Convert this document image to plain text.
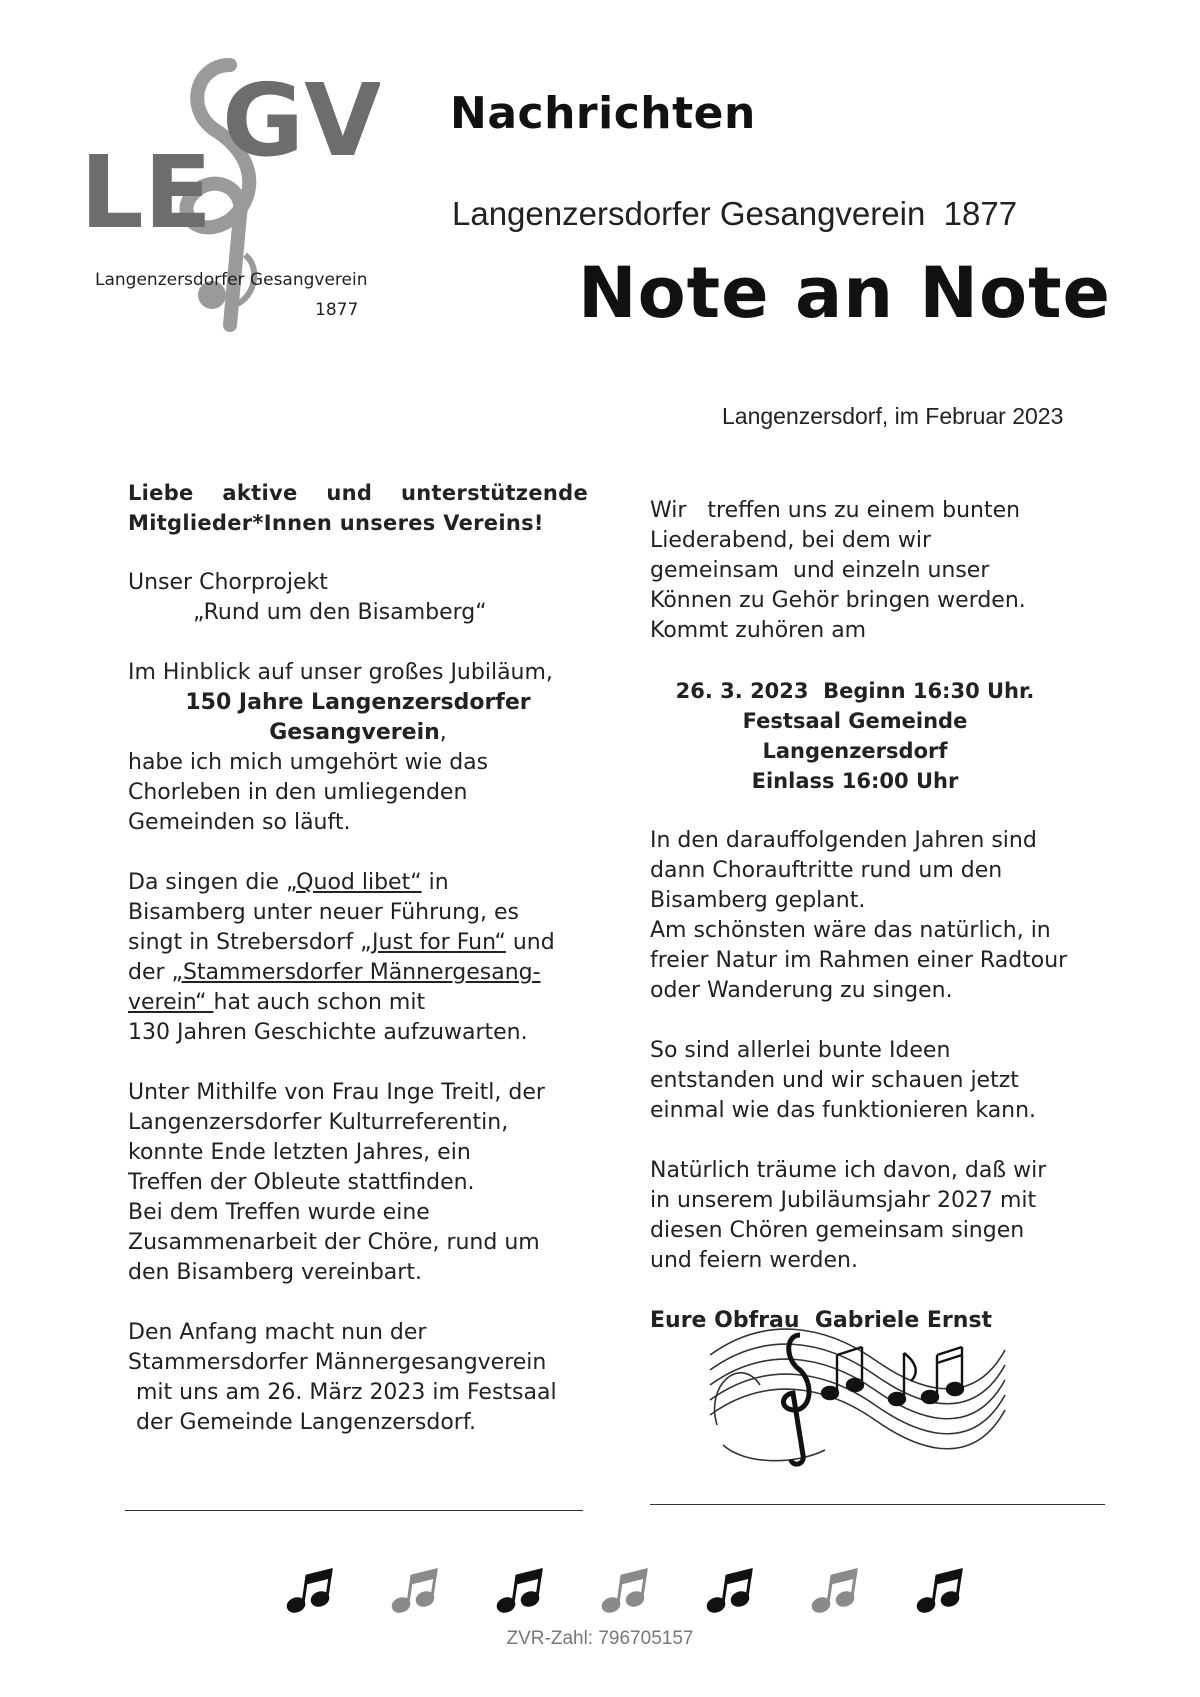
LE
GV
Langenzersdorfer Gesangverein
1877
Nachrichten
Langenzersdorfer Gesangverein  1877
Note an Note
Langenzersdorf, im Februar 2023

Liebe aktive und unterstützende

Mitglieder*Innen unseres Vereins!

Unser Chorprojekt
„Rund um den Bisamberg“

Im Hinblick auf unser großes Jubiläum,

150 Jahre Langenzersdorfer
Gesangverein,
habe ich mich umgehört wie das
Chorleben in den umliegenden
Gemeinden so läuft.

Da singen die „Quod libet“ in
Bisamberg unter neuer Führung, es
singt in Strebersdorf „Just for Fun“ und
der „Stammersdorfer Männergesang-
verein“ hat auch schon mit
130 Jahren Geschichte aufzuwarten.

Unter Mithilfe von Frau Inge Treitl, der
Langenzersdorfer Kulturreferentin,
konnte Ende letzten Jahres, ein
Treffen der Obleute stattfinden.
Bei dem Treffen wurde eine
Zusammenarbeit der Chöre, rund um
den Bisamberg vereinbart.

Den Anfang macht nun der
Stammersdorfer Männergesangverein
mit uns am 26. März 2023 im Festsaal
der Gemeinde Langenzersdorf.

Wir   treffen uns zu einem bunten
Liederabend, bei dem wir
gemeinsam  und einzeln unser
Können zu Gehör bringen werden.
Kommt zuhören am

26. 3. 2023  Beginn 16:30 Uhr.
Festsaal Gemeinde Langenzersdorf
Einlass 16:00 Uhr

In den darauffolgenden Jahren sind
dann Chorauftritte rund um den
Bisamberg geplant.
Am schönsten wäre das natürlich, in
freier Natur im Rahmen einer Radtour
oder Wanderung zu singen.

So sind allerlei bunte Ideen
entstanden und wir schauen jetzt
einmal wie das funktionieren kann.

Natürlich träume ich davon, daß wir
in unserem Jubiläumsjahr 2027 mit
diesen Chören gemeinsam singen
und feiern werden.

Eure Obfrau  Gabriele Ernst

ZVR-Zahl: 796705157
